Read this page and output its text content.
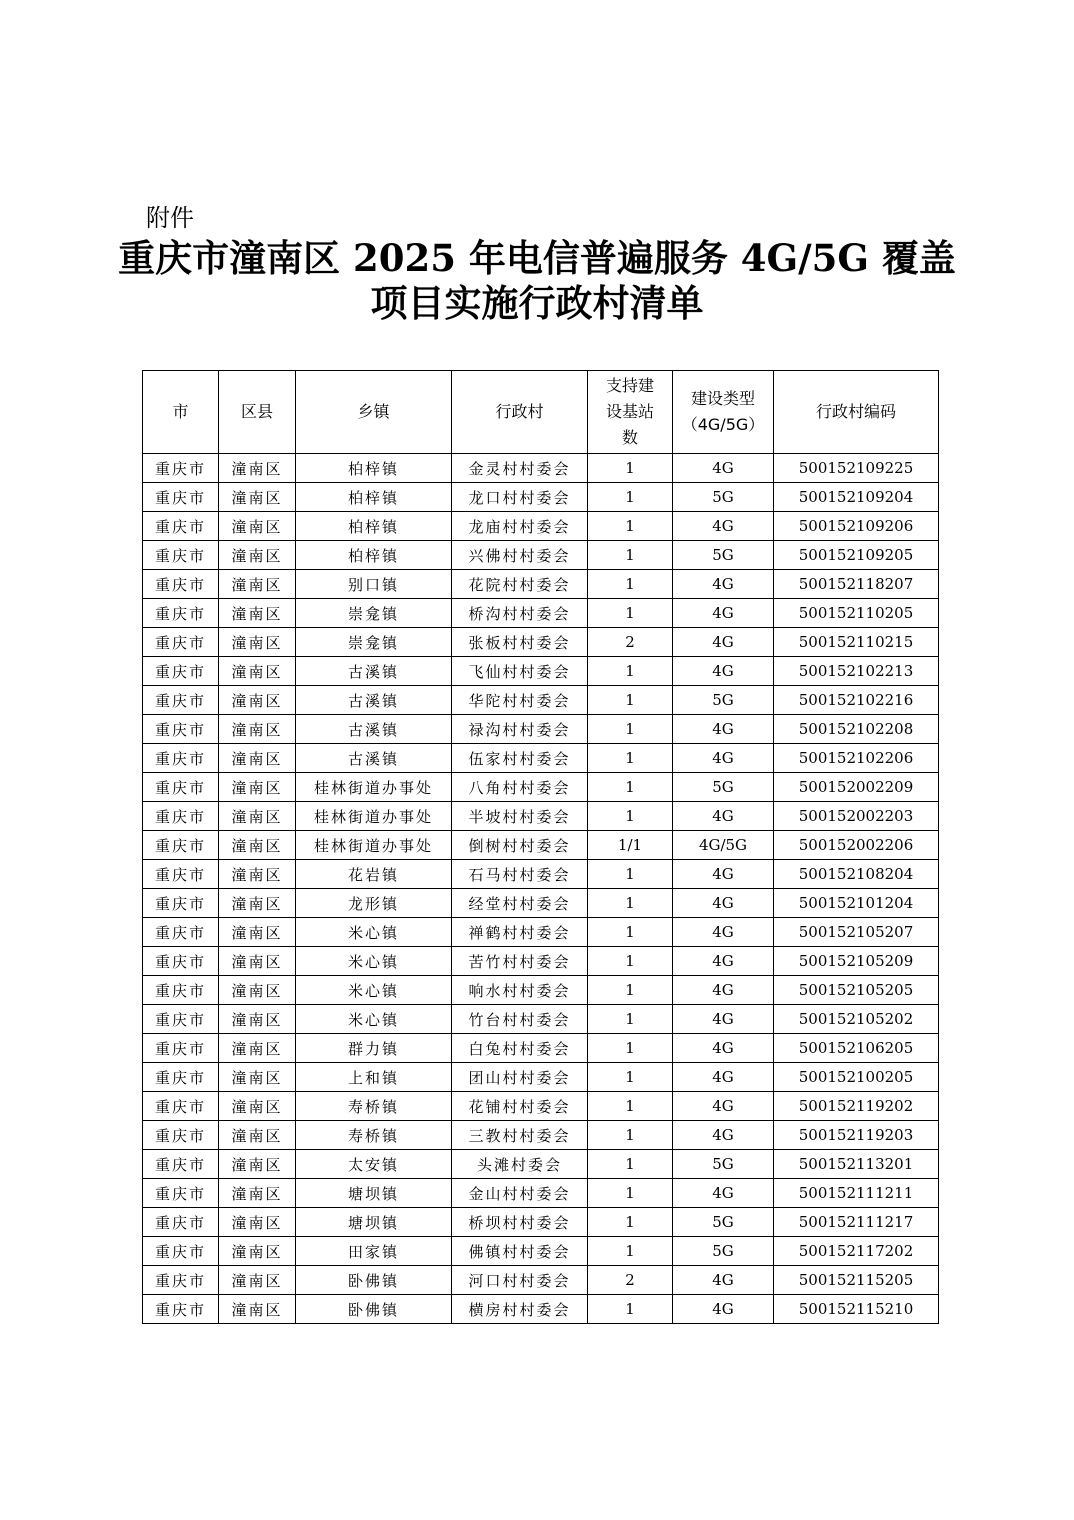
附件
重庆市潼南区 2025 年电信普遍服务 4G/5G 覆盖
项目实施行政村清单
市	区县	乡镇	行政村	支持建设基站数	建设类型（4G/5G）	行政村编码
重庆市	潼南区	柏梓镇	金灵村村委会	1	4G	500152109225
重庆市	潼南区	柏梓镇	龙口村村委会	1	5G	500152109204
重庆市	潼南区	柏梓镇	龙庙村村委会	1	4G	500152109206
重庆市	潼南区	柏梓镇	兴佛村村委会	1	5G	500152109205
重庆市	潼南区	别口镇	花院村村委会	1	4G	500152118207
重庆市	潼南区	崇龛镇	桥沟村村委会	1	4G	500152110205
重庆市	潼南区	崇龛镇	张板村村委会	2	4G	500152110215
重庆市	潼南区	古溪镇	飞仙村村委会	1	4G	500152102213
重庆市	潼南区	古溪镇	华陀村村委会	1	5G	500152102216
重庆市	潼南区	古溪镇	禄沟村村委会	1	4G	500152102208
重庆市	潼南区	古溪镇	伍家村村委会	1	4G	500152102206
重庆市	潼南区	桂林街道办事处	八角村村委会	1	5G	500152002209
重庆市	潼南区	桂林街道办事处	半坡村村委会	1	4G	500152002203
重庆市	潼南区	桂林街道办事处	倒树村村委会	1/1	4G/5G	500152002206
重庆市	潼南区	花岩镇	石马村村委会	1	4G	500152108204
重庆市	潼南区	龙形镇	经堂村村委会	1	4G	500152101204
重庆市	潼南区	米心镇	禅鹤村村委会	1	4G	500152105207
重庆市	潼南区	米心镇	苦竹村村委会	1	4G	500152105209
重庆市	潼南区	米心镇	响水村村委会	1	4G	500152105205
重庆市	潼南区	米心镇	竹台村村委会	1	4G	500152105202
重庆市	潼南区	群力镇	白兔村村委会	1	4G	500152106205
重庆市	潼南区	上和镇	团山村村委会	1	4G	500152100205
重庆市	潼南区	寿桥镇	花铺村村委会	1	4G	500152119202
重庆市	潼南区	寿桥镇	三教村村委会	1	4G	500152119203
重庆市	潼南区	太安镇	头滩村委会	1	5G	500152113201
重庆市	潼南区	塘坝镇	金山村村委会	1	4G	500152111211
重庆市	潼南区	塘坝镇	桥坝村村委会	1	5G	500152111217
重庆市	潼南区	田家镇	佛镇村村委会	1	5G	500152117202
重庆市	潼南区	卧佛镇	河口村村委会	2	4G	500152115205
重庆市	潼南区	卧佛镇	横房村村委会	1	4G	500152115210
